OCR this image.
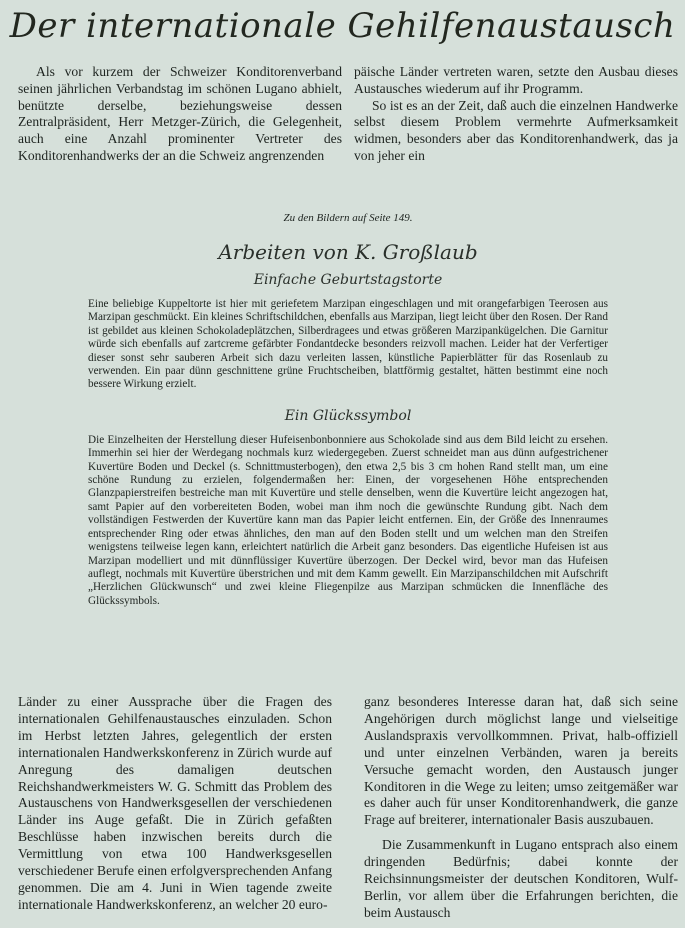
Der internationale Gehilfenaustausch

Als vor kurzem der Schweizer Konditorenverband seinen jährlichen Verbandstag im schönen Lugano abhielt, benützte derselbe, beziehungsweise dessen Zentralpräsident, Herr Metzger-Zürich, die Gelegenheit, auch eine Anzahl prominenter Vertreter des Konditorenhandwerks der an die Schweiz angrenzenden

päische Länder vertreten waren, setzte den Ausbau dieses Austausches wiederum auf ihr Programm.

So ist es an der Zeit, daß auch die einzelnen Handwerke selbst diesem Problem vermehrte Aufmerksamkeit widmen, besonders aber das Konditorenhandwerk, das ja von jeher ein

Zu den Bildern auf Seite 149.

Arbeiten von K. Großlaub
Einfache Geburtstagstorte

Eine beliebige Kuppeltorte ist hier mit geriefetem Marzipan eingeschlagen und mit orangefarbigen Teerosen aus Marzipan geschmückt. Ein kleines Schriftschildchen, ebenfalls aus Marzipan, liegt leicht über den Rosen. Der Rand ist gebildet aus kleinen Schokoladeplätzchen, Silberdragees und etwas größeren Marzipankügelchen. Die Garnitur würde sich ebenfalls auf zartcreme gefärbter Fondantdecke besonders reizvoll machen. Leider hat der Verfertiger dieser sonst sehr sauberen Arbeit sich dazu verleiten lassen, künstliche Papierblätter für das Rosenlaub zu verwenden. Ein paar dünn geschnittene grüne Fruchtscheiben, blattförmig gestaltet, hätten bestimmt eine noch bessere Wirkung erzielt.

Ein Glückssymbol

Die Einzelheiten der Herstellung dieser Hufeisenbonbonniere aus Schokolade sind aus dem Bild leicht zu ersehen. Immerhin sei hier der Werdegang nochmals kurz wiedergegeben. Zuerst schneidet man aus dünn aufgestrichener Kuvertüre Boden und Deckel (s. Schnittmusterbogen), den etwa 2,5 bis 3 cm hohen Rand stellt man, um eine schöne Rundung zu erzielen, folgendermaßen her: Einen, der vorgesehenen Höhe entsprechenden Glanzpapierstreifen bestreiche man mit Kuvertüre und stelle denselben, wenn die Kuvertüre leicht angezogen hat, samt Papier auf den vorbereiteten Boden, wobei man ihm noch die gewünschte Rundung gibt. Nach dem vollständigen Festwerden der Kuvertüre kann man das Papier leicht entfernen. Ein, der Größe des Innenraumes entsprechender Ring oder etwas ähnliches, den man auf den Boden stellt und um welchen man den Streifen wenigstens teilweise legen kann, erleichtert natürlich die Arbeit ganz besonders. Das eigentliche Hufeisen ist aus Marzipan modelliert und mit dünnflüssiger Kuvertüre überzogen. Der Deckel wird, bevor man das Hufeisen auflegt, nochmals mit Kuvertüre überstrichen und mit dem Kamm gewellt. Ein Marzipanschildchen mit Aufschrift „Herzlichen Glückwunsch“ und zwei kleine Fliegenpilze aus Marzipan schmücken die Innenfläche des Glückssymbols.

Länder zu einer Aussprache über die Fragen des internationalen Gehilfenaustausches einzuladen. Schon im Herbst letzten Jahres, gelegentlich der ersten internationalen Handwerkskonferenz in Zürich wurde auf Anregung des damaligen deutschen Reichshandwerkmeisters W. G. Schmitt das Problem des Austauschens von Handwerksgesellen der verschiedenen Länder ins Auge gefaßt. Die in Zürich gefaßten Beschlüsse haben inzwischen bereits durch die Vermittlung von etwa 100 Handwerksgesellen verschiedener Berufe einen erfolgversprechenden Anfang genommen. Die am 4. Juni in Wien tagende zweite internationale Handwerkskonferenz, an welcher 20 euro-

ganz besonderes Interesse daran hat, daß sich seine Angehörigen durch möglichst lange und vielseitige Auslandspraxis vervollkommnen. Privat, halb-offiziell und unter einzelnen Verbänden, waren ja bereits Versuche gemacht worden, den Austausch junger Konditoren in die Wege zu leiten; umso zeitgemäßer war es daher auch für unser Konditorenhandwerk, die ganze Frage auf breiterer, internationaler Basis auszubauen.

Die Zusammenkunft in Lugano entsprach also einem dringenden Bedürfnis; dabei konnte der Reichsinnungsmeister der deutschen Konditoren, Wulf-Berlin, vor allem über die Erfahrungen berichten, die beim Austausch
